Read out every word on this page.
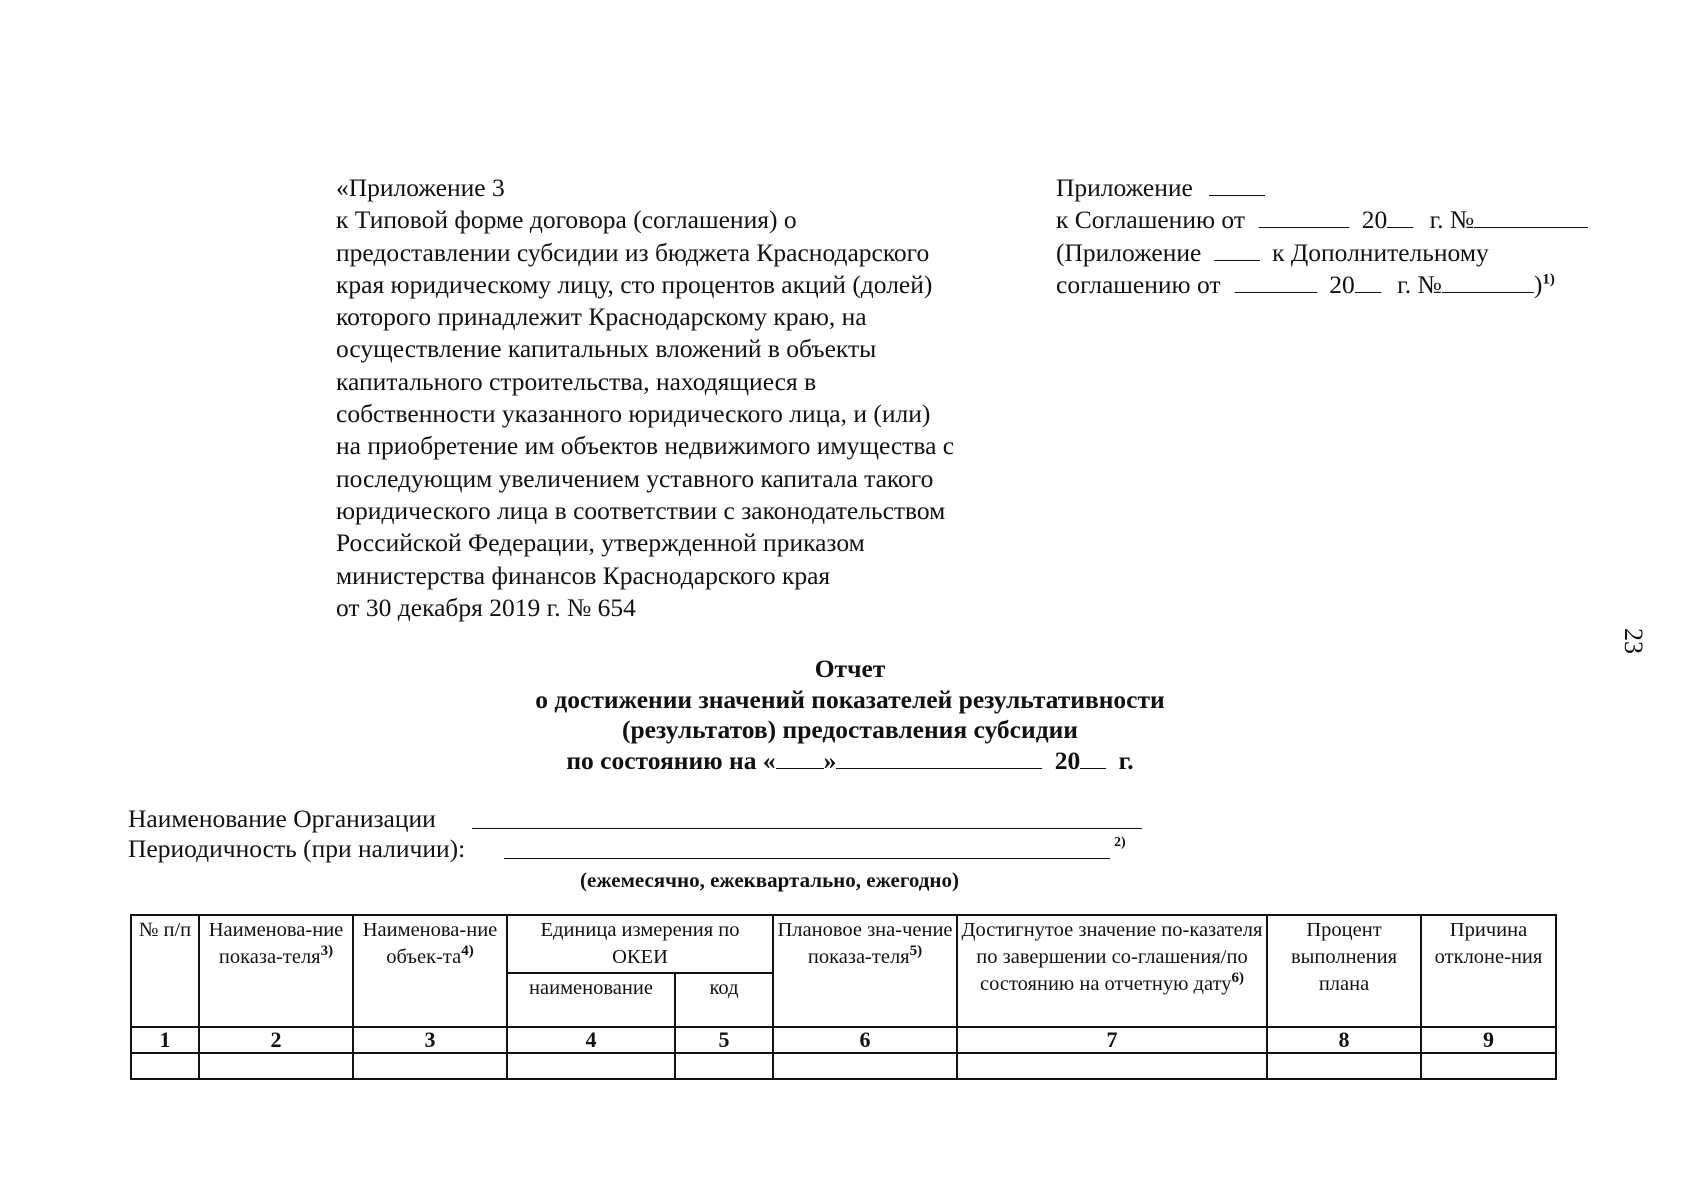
«Приложение 3
к Типовой форме договора (соглашения) о
предоставлении субсидии из бюджета Краснодарского
края юридическому лицу, сто процентов акций (долей)
которого принадлежит Краснодарскому краю, на
осуществление капитальных вложений в объекты
капитального строительства, находящиеся в
собственности указанного юридического лица, и (или)
на приобретение им объектов недвижимого имущества с
последующим увеличением уставного капитала такого
юридического лица в соответствии с законодательством
Российской Федерации, утвержденной приказом
министерства финансов Краснодарского края
от 30 декабря 2019 г. № 654
Приложение
к Соглашению от	20 г. №
(Приложение	к Дополнительному
соглашению от	20 г. №	)$^{1)}$
23
Отчет
о достижении значений показателей результативности
(результатов) предоставления субсидии
по состоянию на « »	20 г.
Наименование Организации
Периодичность (при наличии):	2)
(ежемесячно, ежеквартально, ежегодно)
№ п/п	Наименова-ние показа-теля$^{3)}$	Наименова-ние объек-$та^{4)}$	Единица измерения по ОКЕИ		Плановое зна-чение показа-теля$^{5)}$	Достигнутое значение по-казателя по завершении со-глашения/по состоянию на отчетную дату$^{6)}$	Процент выполнения плана	Причина отклоне-ния
			наименование	код				
1	2	3	4	5	6	7	8	9
